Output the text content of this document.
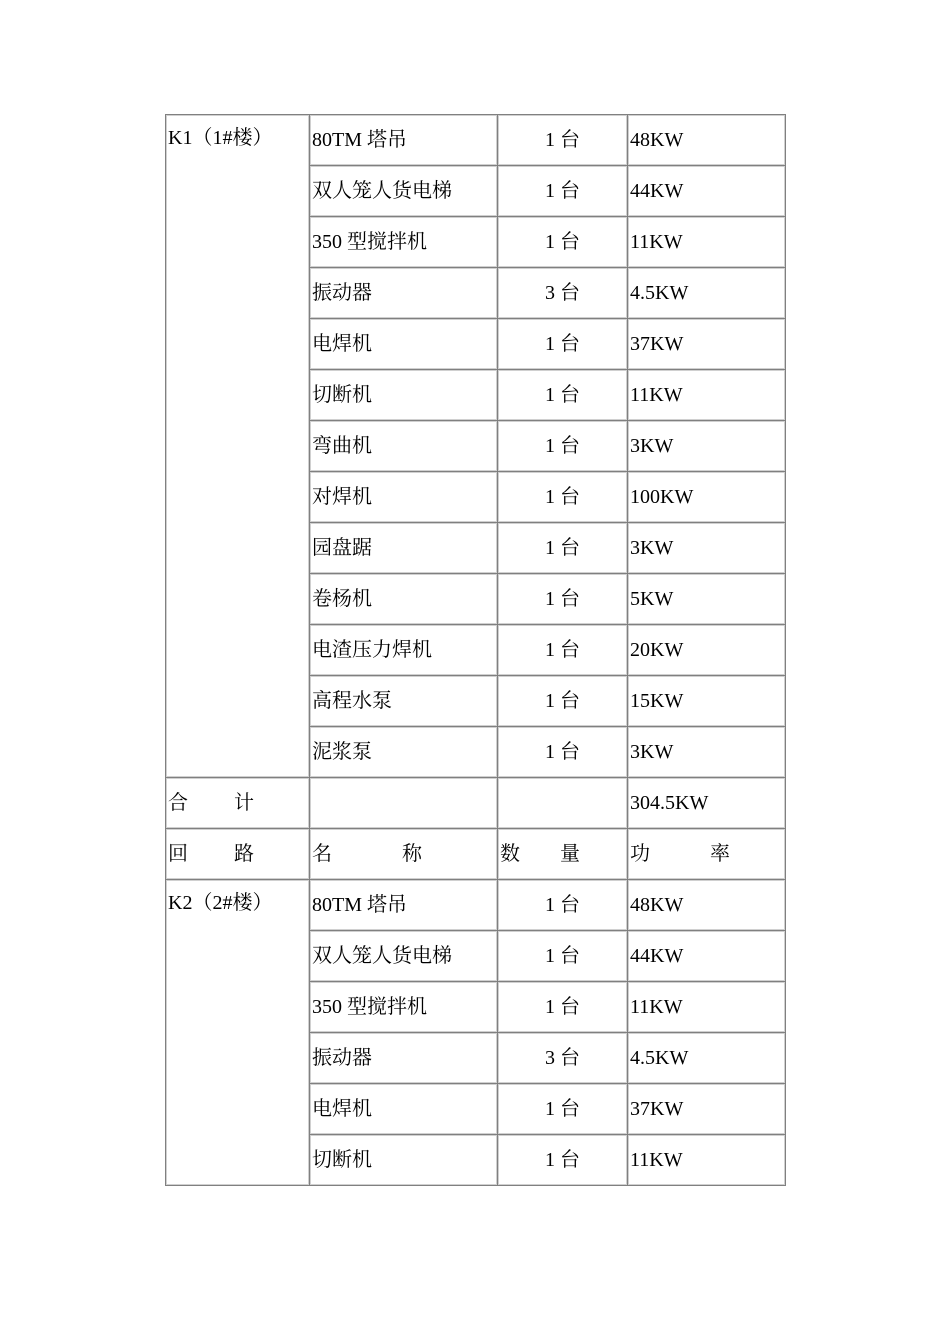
K1（1#楼）	80TM 塔吊	1 台	48KW
	双人笼人货电梯	1 台	44KW
	350 型搅拌机	1 台	11KW
	振动器	3 台	4.5KW
	电焊机	1 台	37KW
	切断机	1 台	11KW
	弯曲机	1 台	3KW
	对焊机	1 台	100KW
	园盘踞	1 台	3KW
	卷杨机	1 台	5KW
	电渣压力焊机	1 台	20KW
	高程水泵	1 台	15KW
	泥浆泵	1 台	3KW
合 计			304.5KW
回 路	名 称	数 量	功 率
K2（2#楼）	80TM 塔吊	1 台	48KW
	双人笼人货电梯	1 台	44KW
	350 型搅拌机	1 台	11KW
	振动器	3 台	4.5KW
	电焊机	1 台	37KW
	切断机	1 台	11KW
